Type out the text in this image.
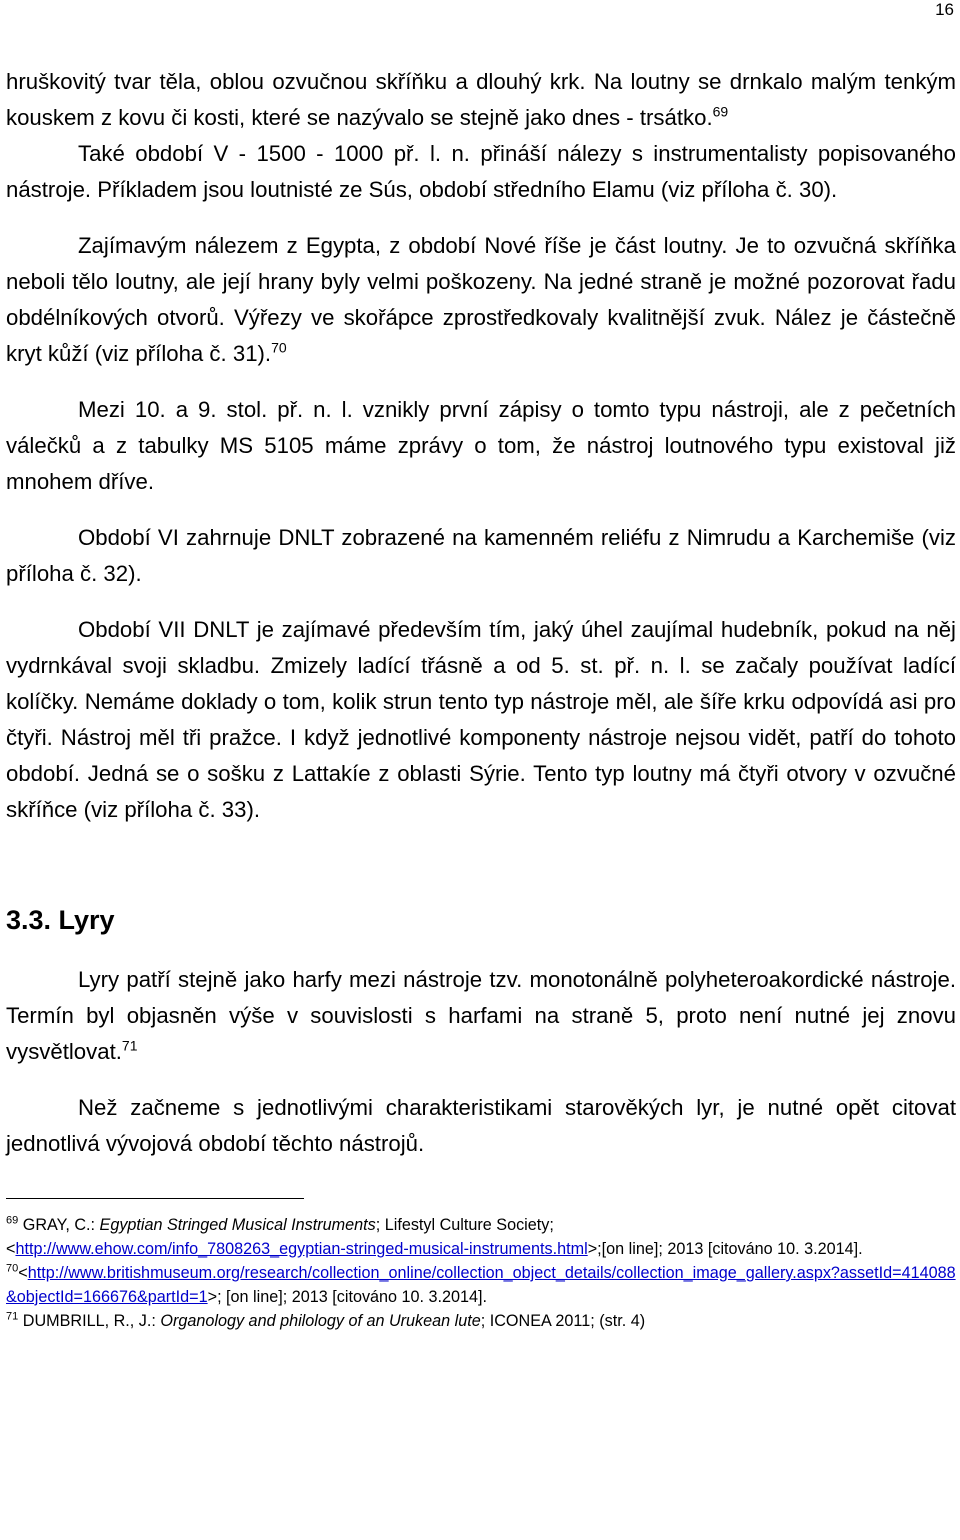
16

hruškovitý tvar těla, oblou ozvučnou skříňku a dlouhý krk. Na loutny se drnkalo malým tenkým kouskem z kovu či kosti, které se nazývalo se stejně jako dnes - trsátko.$^{69}$

Také období V - 1500 - 1000 př. l. n. přináší nálezy s instrumentalisty popisovaného nástroje. Příkladem jsou loutnisté ze Sús, období středního Elamu (viz příloha č. 30).

Zajímavým nálezem z Egypta, z období Nové říše je část loutny. Je to ozvučná skříňka neboli tělo loutny, ale její hrany byly velmi poškozeny. Na jedné straně je možné pozorovat řadu obdélníkových otvorů. Výřezy ve skořápce zprostředkovaly kvalitnější zvuk. Nález je částečně kryt kůží (viz příloha č. 31).$^{70}$

Mezi 10. a 9. stol. př. n. l. vznikly první zápisy o tomto typu nástroji, ale z pečetních válečků a z tabulky MS 5105 máme zprávy o tom, že nástroj loutnového typu existoval již mnohem dříve.

Období VI zahrnuje DNLT zobrazené na kamenném reliéfu z Nimrudu a Karchemiše (viz příloha č. 32).

Období VII DNLT je zajímavé především tím, jaký úhel zaujímal hudebník, pokud na něj vydrnkával svoji skladbu. Zmizely ladící třásně a od 5. st. př. n. l. se začaly používat ladící kolíčky. Nemáme doklady o tom, kolik strun tento typ nástroje měl, ale šíře krku odpovídá asi pro čtyři. Nástroj měl tři pražce. I když jednotlivé komponenty nástroje nejsou vidět, patří do tohoto období. Jedná se o sošku z Lattakíe z oblasti Sýrie. Tento typ loutny má čtyři otvory v ozvučné skříňce (viz příloha č. 33).

3.3. Lyry

Lyry patří stejně jako harfy mezi nástroje tzv. monotonálně polyheteroakordické nástroje. Termín byl objasněn výše v souvislosti s harfami na straně 5, proto není nutné jej znovu vysvětlovat.$^{71}$

Než začneme s jednotlivými charakteristikami starověkých lyr, je nutné opět citovat jednotlivá vývojová období těchto nástrojů.

$^{69}$ GRAY, C.: Egyptian Stringed Musical Instruments; Lifestyl Culture Society;
<http://www.ehow.com/info_7808263_egyptian-stringed-musical-instruments.html>;[on line]; 2013 [citováno 10. 3.2014].

$^{70}$<http://www.britishmuseum.org/research/collection_online/collection_object_details/collection_image_gallery.aspx?assetId=414088&objectId=166676&partId=1>; [on line]; 2013 [citováno 10. 3.2014].

$^{71}$ DUMBRILL, R., J.: Organology and philology of an Urukean lute; ICONEA 2011; (str. 4)
